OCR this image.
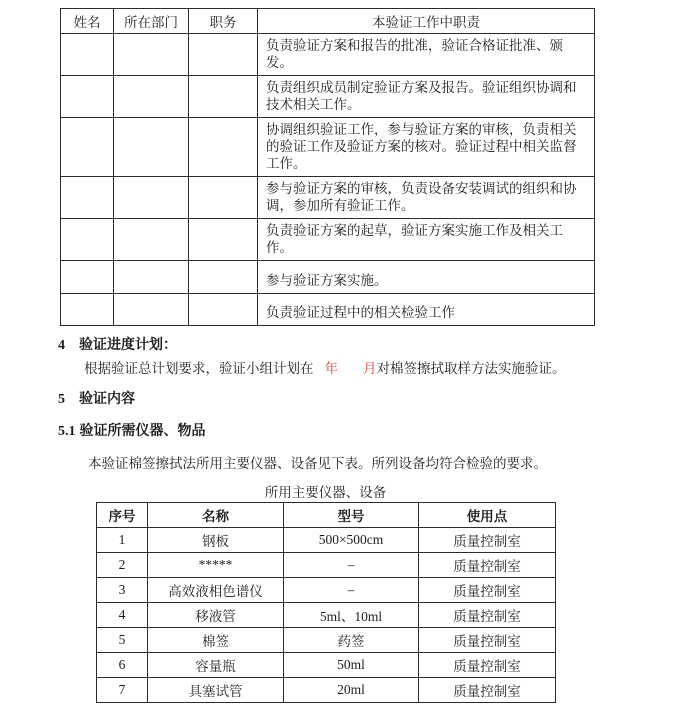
姓名	所在部门	职务	本验证工作中职责
			负责验证方案和报告的批准，验证合格证批准、颁发。
			负责组织成员制定验证方案及报告。验证组织协调和技术相关工作。
			协调组织验证工作，参与验证方案的审核，负责相关的验证工作及验证方案的核对。验证过程中相关监督工作。
			参与验证方案的审核，负责设备安装调试的组织和协调，参加所有验证工作。
			负责验证方案的起草，验证方案实施工作及相关工作。
			参与验证方案实施。
			负责验证过程中的相关检验工作
4 验证进度计划：
根据验证总计划要求，验证小组计划在 年 月对棉签擦拭取样方法实施验证。
5 验证内容
5.1 验证所需仪器、物品
本验证棉签擦拭法所用主要仪器、设备见下表。所列设备均符合检验的要求。
所用主要仪器、设备
序号	名称	型号	使用点
1	钢板	500×500cm	质量控制室
2	*****	–	质量控制室
3	高效液相色谱仪	–	质量控制室
4	移液管	5ml、10ml	质量控制室
5	棉签	药签	质量控制室
6	容量瓶	50ml	质量控制室
7	具塞试管	20ml	质量控制室
